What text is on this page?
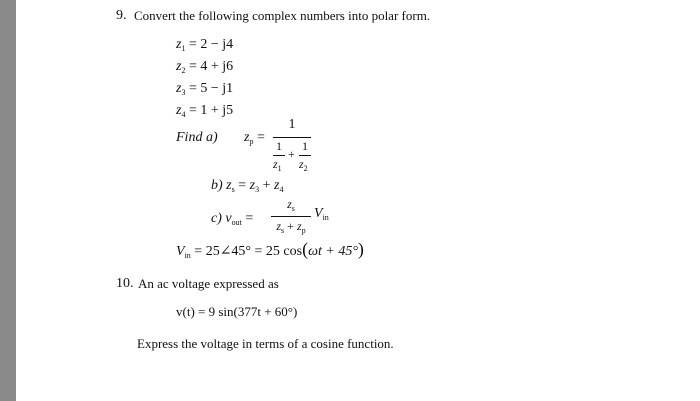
9. Convert the following complex numbers into polar form.
$z_1 = 2 - j4$
$z_2 = 4 + j6$
$z_3 = 5 - j1$
$z_4 = 1 + j5$
Find a) $z_p$ =
1
1
$z_1$
+
1
$z_2$
b) $z_s = z_3 + z_4$
c) $v_{out}$ =
$z_s$
$z_s + z_p$
$V_{in}$
$V_{in}$ = 25∠45° = 25 cos(ωt + 45°)
10. An ac voltage expressed as
v(t) = 9 sin(377t + 60°)
Express the voltage in terms of a cosine function.
